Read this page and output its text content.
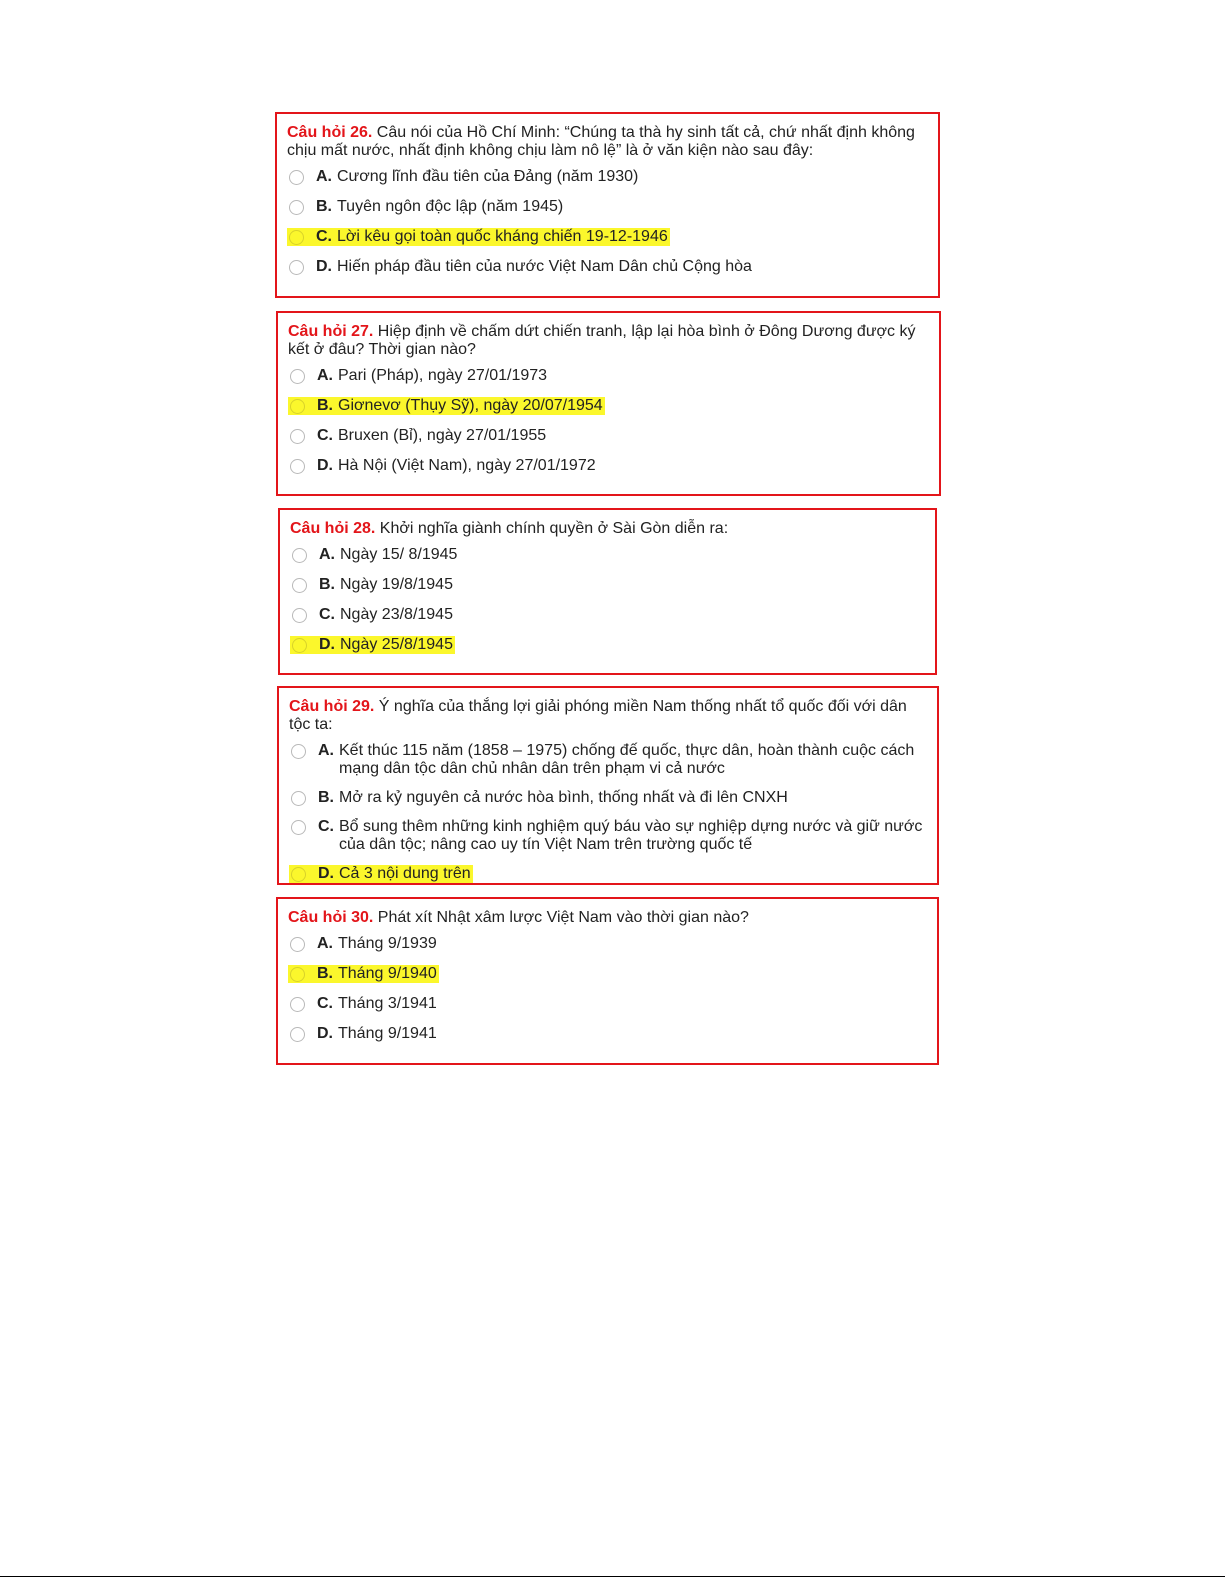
Câu hỏi 26. Câu nói của Hồ Chí Minh: “Chúng ta thà hy sinh tất cả, chứ nhất định không chịu mất nước, nhất định không chịu làm nô lệ” là ở văn kiện nào sau đây:

A. Cương lĩnh đầu tiên của Đảng (năm 1930)
B. Tuyên ngôn độc lập (năm 1945)
C. Lời kêu gọi toàn quốc kháng chiến 19-12-1946
D. Hiến pháp đầu tiên của nước Việt Nam Dân chủ Cộng hòa

Câu hỏi 27. Hiệp định về chấm dứt chiến tranh, lập lại hòa bình ở Đông Dương được ký kết ở đâu? Thời gian nào?

A. Pari (Pháp), ngày 27/01/1973
B. Giơnevơ (Thụy Sỹ), ngày 20/07/1954
C. Bruxen (Bỉ), ngày 27/01/1955
D. Hà Nội (Việt Nam), ngày 27/01/1972

Câu hỏi 28. Khởi nghĩa giành chính quyền ở Sài Gòn diễn ra:

A. Ngày 15/ 8/1945
B. Ngày 19/8/1945
C. Ngày 23/8/1945
D. Ngày 25/8/1945

Câu hỏi 29. Ý nghĩa của thắng lợi giải phóng miền Nam thống nhất tổ quốc đối với dân tộc ta:

A. Kết thúc 115 năm (1858 – 1975) chống đế quốc, thực dân, hoàn thành cuộc cách mạng dân tộc dân chủ nhân dân trên phạm vi cả nước
B. Mở ra kỷ nguyên cả nước hòa bình, thống nhất và đi lên CNXH
C. Bổ sung thêm những kinh nghiệm quý báu vào sự nghiệp dựng nước và giữ nước của dân tộc; nâng cao uy tín Việt Nam trên trường quốc tế
D. Cả 3 nội dung trên

Câu hỏi 30. Phát xít Nhật xâm lược Việt Nam vào thời gian nào?

A. Tháng 9/1939
B. Tháng 9/1940
C. Tháng 3/1941
D. Tháng 9/1941
